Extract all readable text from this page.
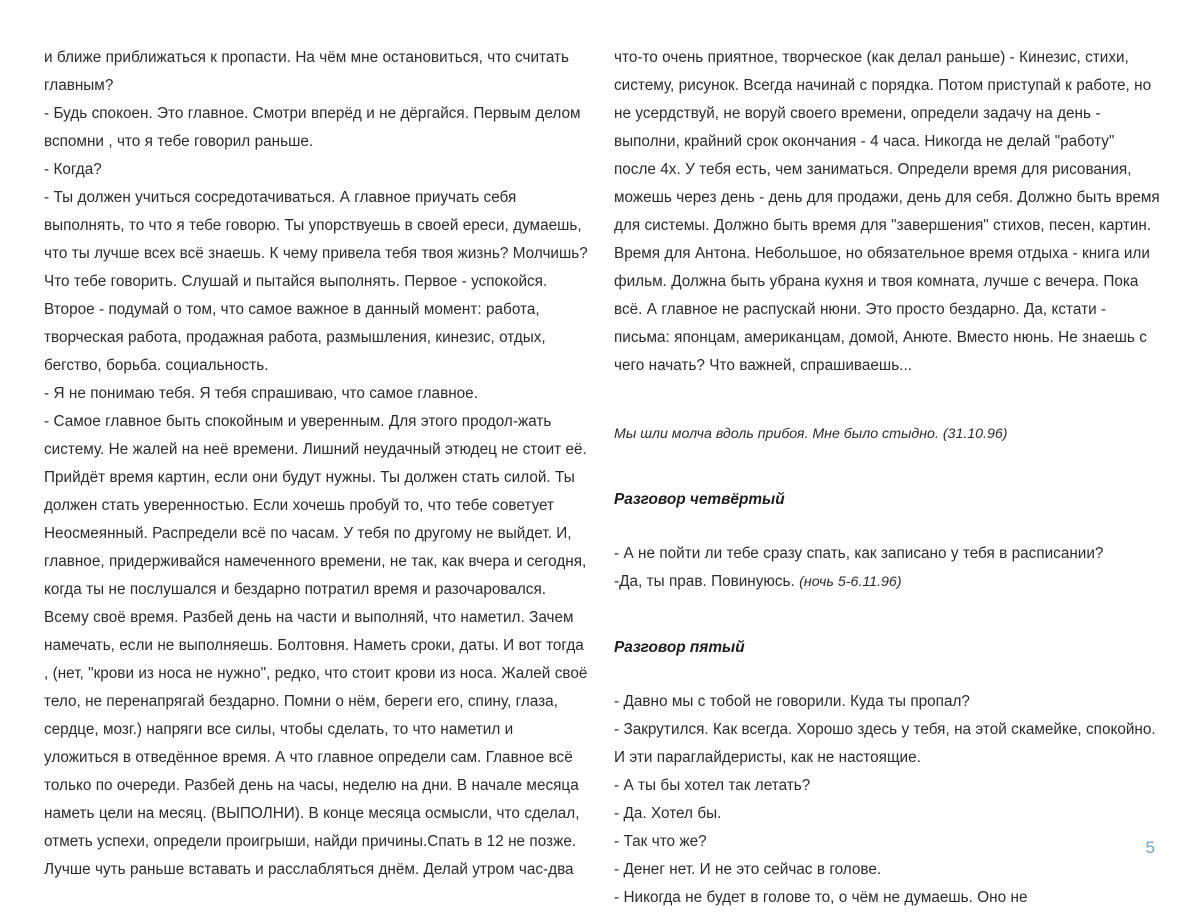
и ближе приближаться к пропасти. На чём мне остановиться, что считать главным?

- Будь спокоен. Это главное. Смотри вперёд и не дёргайся. Первым делом вспомни , что я тебе говорил раньше.

- Когда?

- Ты должен учиться сосредотачиваться. А главное приучать себя выполнять, то что я тебе говорю. Ты упорствуешь в своей ереси, думаешь, что ты лучше всех всё знаешь. К чему привела тебя твоя жизнь? Молчишь? Что тебе говорить. Слушай и пытайся выполнять. Первое - успокойся. Второе - подумай о том, что самое важное в данный момент: работа, творческая работа, продажная работа, размышления, кинезис, отдых, бегство, борьба. социальность.

- Я не понимаю тебя. Я тебя спрашиваю, что самое главное.

- Самое главное быть спокойным и уверенным. Для этого продол-жать систему. Не жалей на неё времени. Лишний неудачный этюдец не стоит её. Прийдёт время картин, если они будут нужны. Ты должен стать силой. Ты должен стать уверенностью. Если хочешь пробуй то, что тебе советует Неосмеянный. Распредели всё по часам. У тебя по другому не выйдет. И, главное, придерживайся намеченного времени, не так, как вчера и сегодня, когда ты не послушался и бездарно потратил время и разочаровался. Всему своё время. Разбей день на части и выполняй, что наметил. Зачем намечать, если не выполняешь. Болтовня. Наметь сроки, даты. И вот тогда , (нет, "крови из носа не нужно", редко, что стоит крови из носа. Жалей своё тело, не перенапрягай бездарно. Помни о нём, береги его, спину, глаза, сердце, мозг.) напряги все силы, чтобы сделать, то что наметил и уложиться в отведённое время. А что главное определи сам. Главное всё только по очереди. Разбей день на часы, неделю на дни. В начале месяца наметь цели на месяц. (ВЫПОЛНИ). В конце месяца осмысли, что сделал, отметь успехи, определи проигрыши, найди причины.Спать в 12 не позже. Лучше чуть раньше вставать и расслабляться днём. Делай утром час-два

что-то очень приятное, творческое (как делал раньше) - Кинезис, стихи, систему, рисунок. Всегда начинай с порядка. Потом приступай к работе, но не усердствуй, не воруй своего времени, определи задачу на день - выполни, крайний срок окончания - 4 часа. Никогда не делай "работу" после 4х. У тебя есть, чем заниматься. Определи время для рисования, можешь через день - день для продажи, день для себя. Должно быть время для системы. Должно быть время для "завершения" стихов, песен, картин. Время для Антона. Небольшое, но обязательное время отдыха - книга или фильм. Должна быть убрана кухня и твоя комната, лучше с вечера. Пока всё. А главное не распускай нюни. Это просто бездарно. Да, кстати - письма: японцам, американцам, домой, Анюте. Вместо нюнь. Не знаешь с чего начать? Что важней, спрашиваешь...

Мы шли молча вдоль прибоя. Мне было стыдно. (31.10.96)

Разговор четвёртый

- А не пойти ли тебе сразу спать, как записано у тебя в расписании?

-Да, ты прав. Повинуюсь. (ночь 5-6.11.96)

Разговор пятый

- Давно мы с тобой не говорили. Куда ты пропал?

- Закрутился. Как всегда. Хорошо здесь у тебя, на этой скамейке, спокойно. И эти параглайдеристы, как не настоящие.

- А ты бы хотел так летать?

- Да. Хотел бы.

- Так что же?

- Денег нет. И не это сейчас в голове.

- Никогда не будет в голове то, о чём не думаешь. Оно не

5
